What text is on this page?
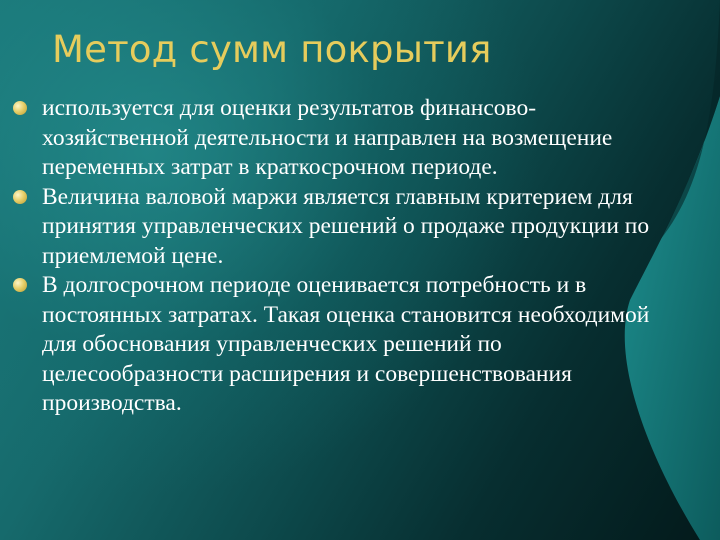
Метод сумм покрытия
используется для оценки результатов финансово-хозяйственной деятельности и направлен на возмещение переменных затрат в краткосрочном периоде.
Величина валовой маржи является главным критерием для принятия управленческих решений о продаже продукции по приемлемой цене.
В долгосрочном периоде оценивается потребность и в постоянных затратах. Такая оценка становится необходимой для обоснования управленческих решений по целесообразности расширения и совершенствования производства.
